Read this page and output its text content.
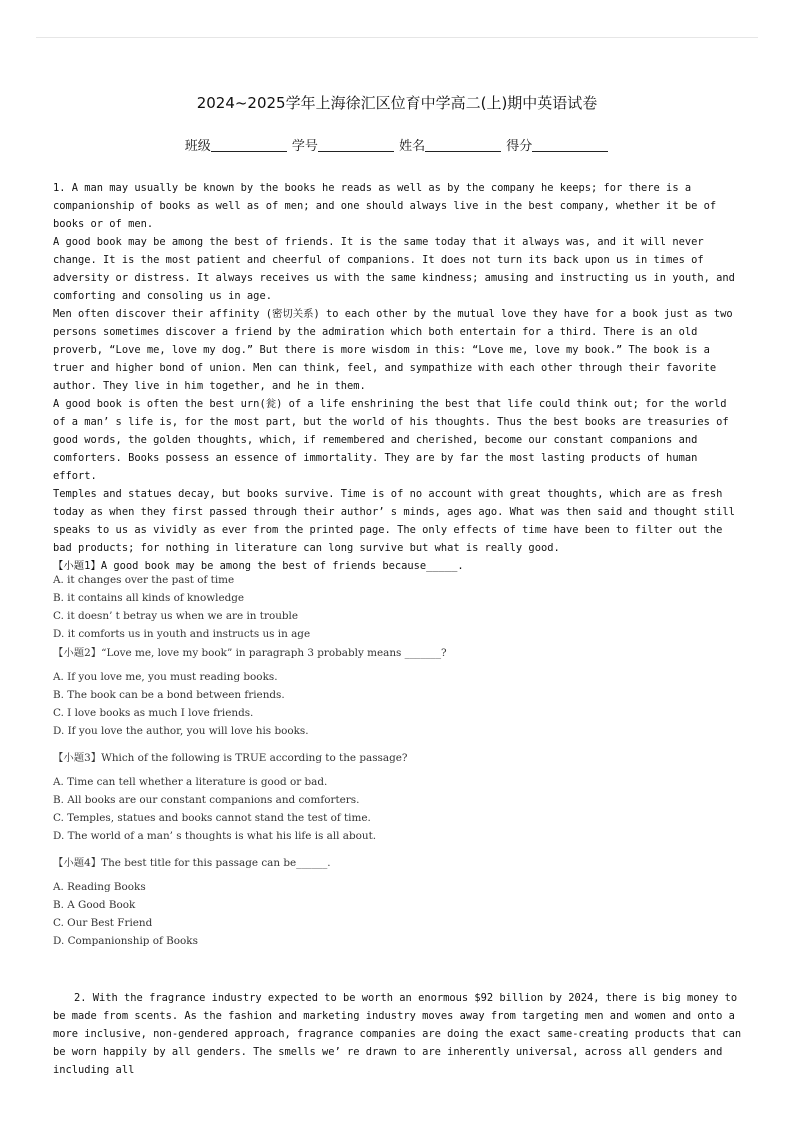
2024~2025学年上海徐汇区位育中学高二(上)期中英语试卷
班级	学号	姓名	得分

1. A man may usually be known by the books he reads as well as by the company he keeps; for there is a companionship of books as well as of men; and one should always live in the best company, whether it be of books or of men.

A good book may be among the best of friends. It is the same today that it always was, and it will never change. It is the most patient and cheerful of companions. It does not turn its back upon us in times of adversity or distress. It always receives us with the same kindness; amusing and instructing us in youth, and comforting and consoling us in age.

Men often discover their affinity (密切关系) to each other by the mutual love they have for a book just as two persons sometimes discover a friend by the admiration which both entertain for a third. There is an old proverb, “Love me, love my dog.” But there is more wisdom in this: “Love me, love my book.” The book is a truer and higher bond of union. Men can think, feel, and sympathize with each other through their favorite author. They live in him together, and he in them.

A good book is often the best urn(瓮) of a life enshrining the best that life could think out; for the world of a man’ s life is, for the most part, but the world of his thoughts. Thus the best books are treasuries of good words, the golden thoughts, which, if remembered and cherished, become our constant companions and comforters. Books possess an essence of immortality. They are by far the most lasting products of human effort.

Temples and statues decay, but books survive. Time is of no account with great thoughts, which are as fresh today as when they first passed through their author’ s minds, ages ago. What was then said and thought still speaks to us as vividly as ever from the printed page. The only effects of time have been to filter out the bad products; for nothing in literature can long survive but what is really good.

【小题1】A good book may be among the best of friends because_____.

A. it changes over the past of time
B. it contains all kinds of knowledge
C. it doesn’ t betray us when we are in trouble
D. it comforts us in youth and instructs us in age

【小题2】“Love me, love my book” in paragraph 3 probably means _______?

A. If you love me, you must reading books.
B. The book can be a bond between friends.
C. I love books as much I love friends.
D. If you love the author, you will love his books.

【小题3】Which of the following is TRUE according to the passage?

A. Time can tell whether a literature is good or bad.
B. All books are our constant companions and comforters.
C. Temples, statues and books cannot stand the test of time.
D. The world of a man’ s thoughts is what his life is all about.

【小题4】The best title for this passage can be______.

A. Reading Books
B. A Good Book
C. Our Best Friend
D. Companionship of Books

2. With the fragrance industry expected to be worth an enormous $92 billion by 2024, there is big money to be made from scents. As the fashion and marketing industry moves away from targeting men and women and onto a more inclusive, non-gendered approach, fragrance companies are doing the exact same-creating products that can be worn happily by all genders. The smells we’ re drawn to are inherently universal, across all genders and including all
